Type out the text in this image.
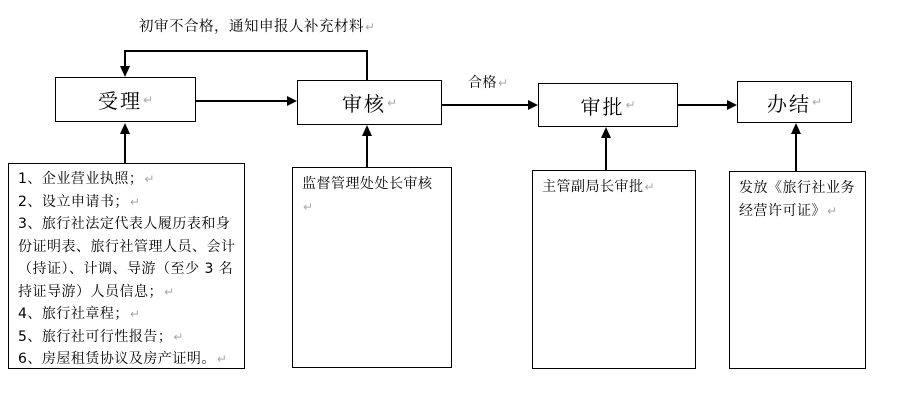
初审不合格，通知申报人补充材料↵
受理 ↵	审核 ↵	审批 ↵	办结 ↵
合格↵

1、企业营业执照；↵

2、设立申请书；↵

3、旅行社法定代表人履历表和身份证明表、旅行社管理人员、会计（持证）、计调、导游（至少 3 名持证导游）人员信息；↵

4、旅行社章程；↵

5、旅行社可行性报告；↵

6、房屋租赁协议及房产证明。↵

监督管理处处长审核↵
主管副局长审批↵	发放《旅行社业务经营许可证》↵
